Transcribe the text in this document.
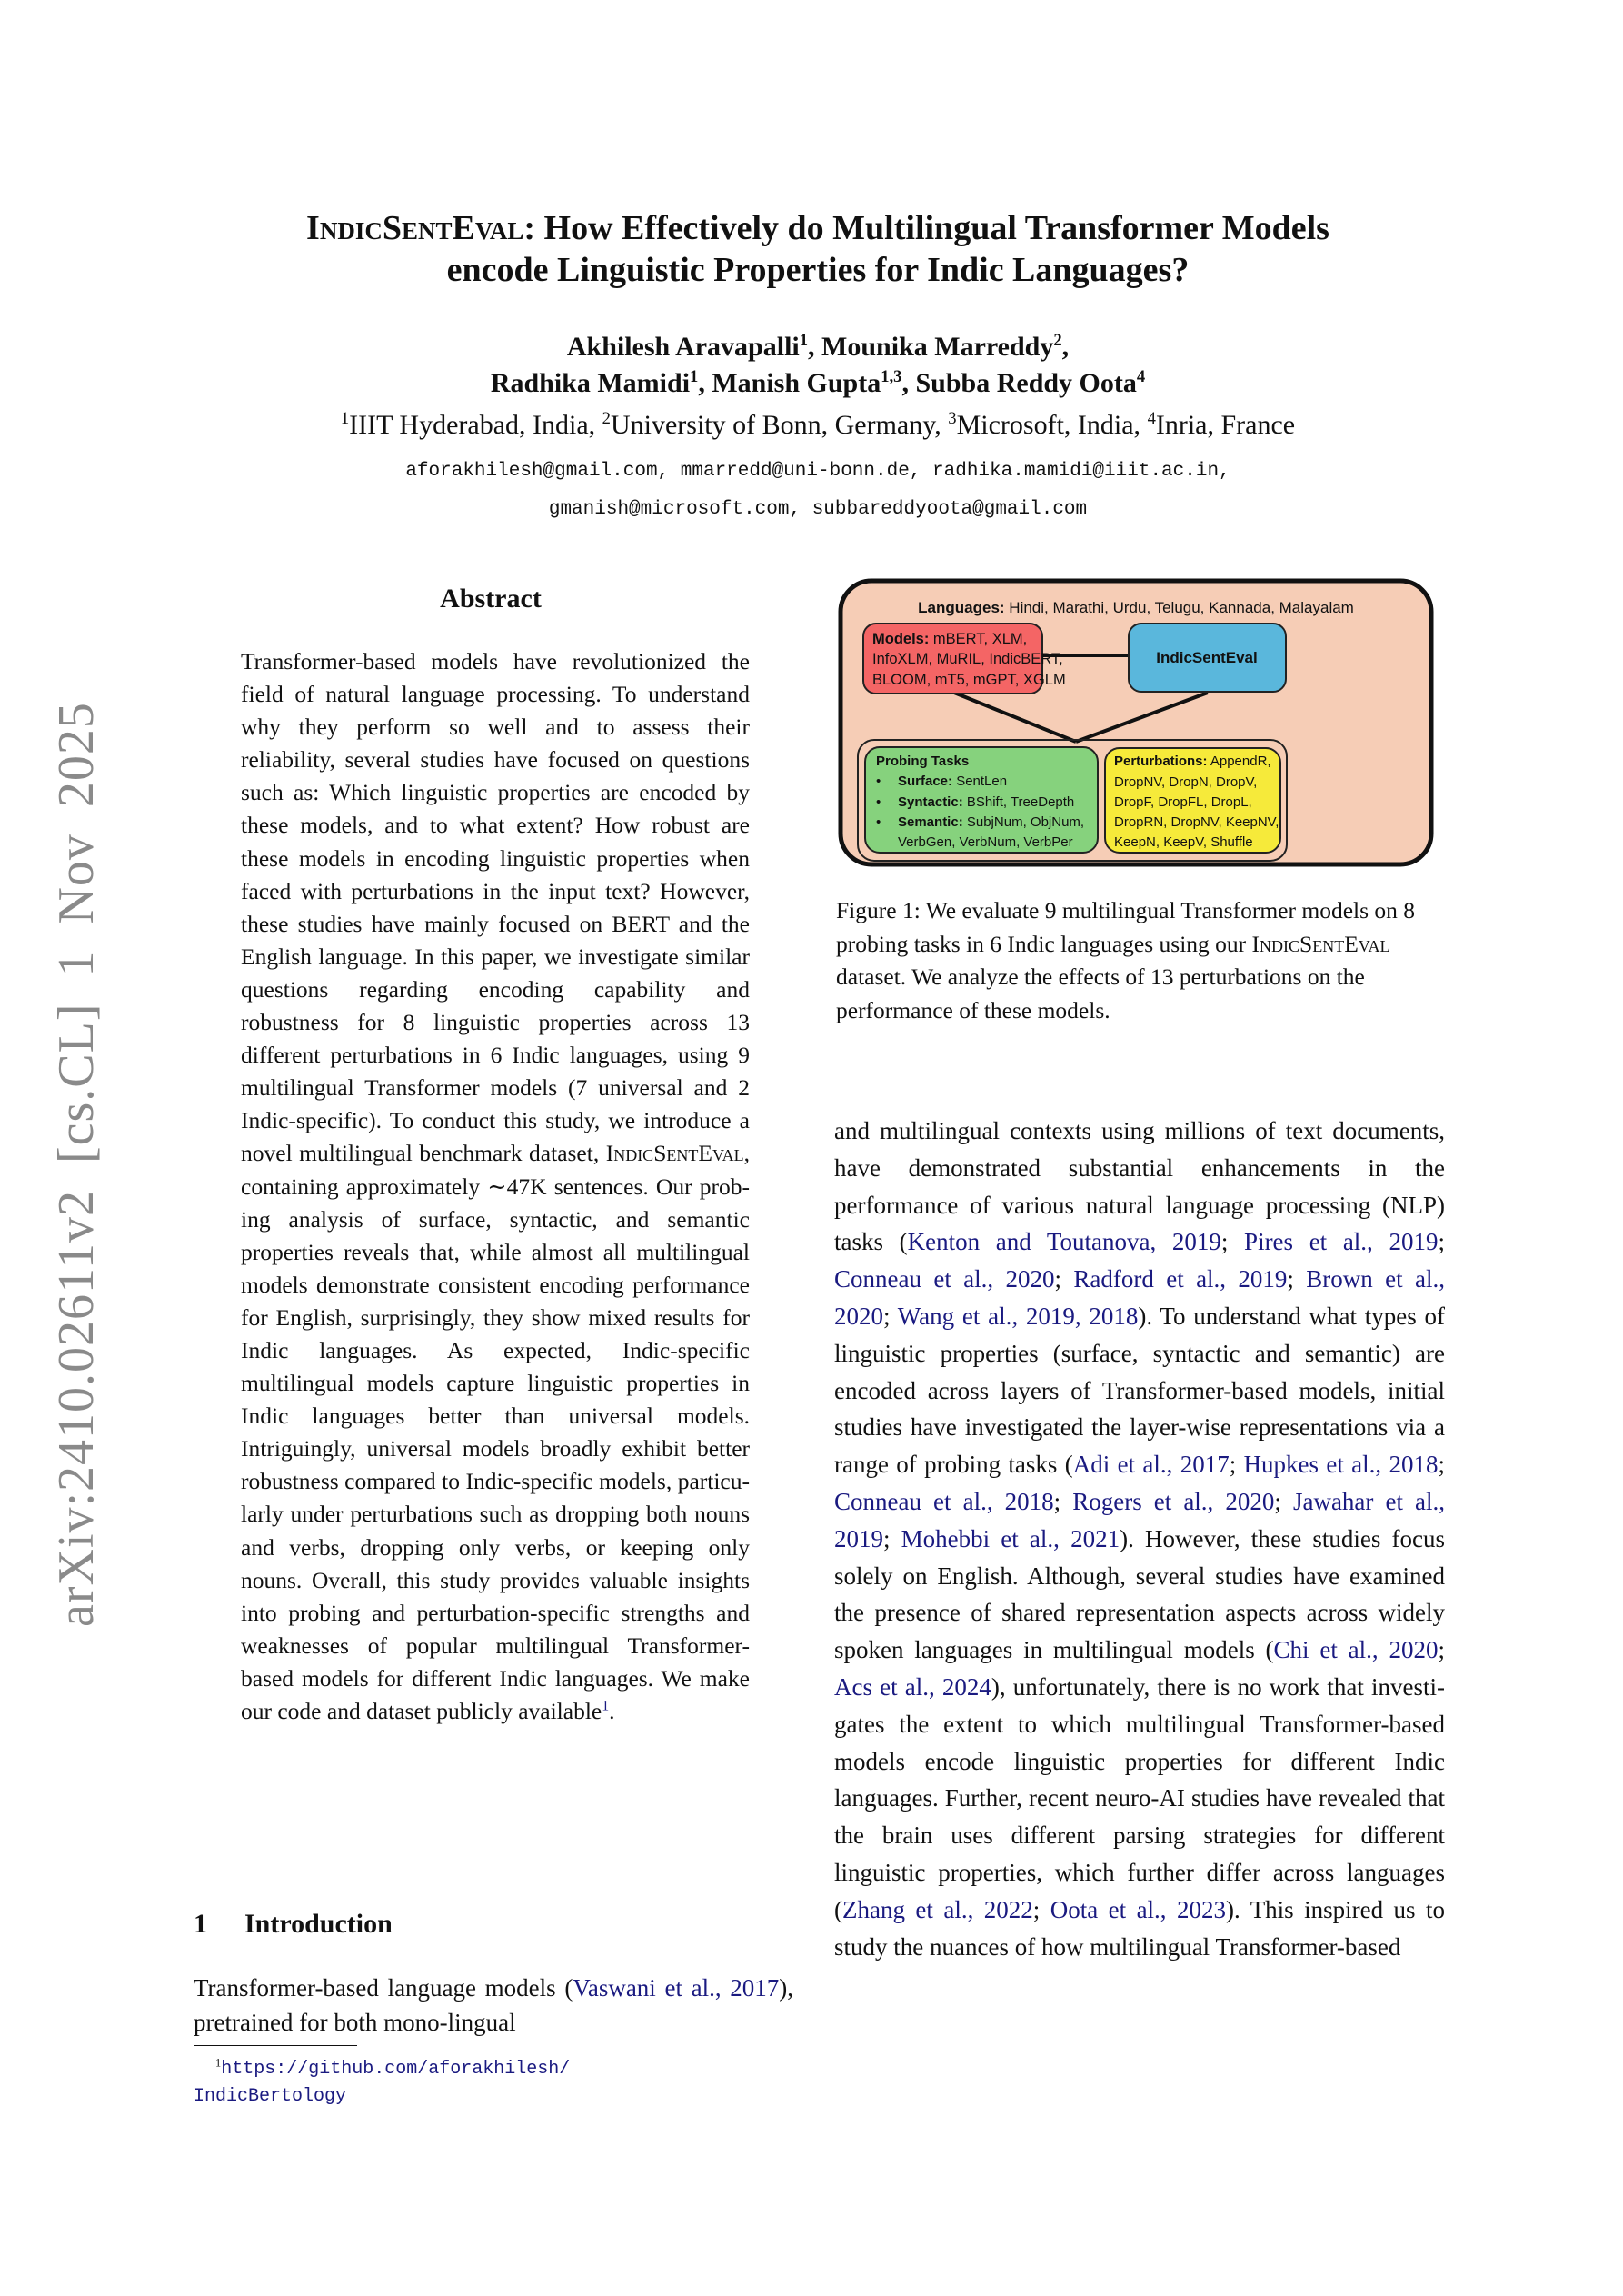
arXiv:2410.02611v2 [cs.CL] 1 Nov 2025
IndicSentEval: How Effectively do Multilingual Transformer Models
encode Linguistic Properties for Indic Languages?
Akhilesh Aravapalli$^1$, Mounika Marreddy$^2$,
Radhika Mamidi$^1$, Manish Gupta$^{1,3}$, Subba Reddy Oota$^4$
$^1$IIIT Hyderabad, India, $^2$University of Bonn, Germany, $^3$Microsoft, India, $^4$Inria, France
aforakhilesh@gmail.com, mmarredd@uni-bonn.de, radhika.mamidi@iiit.ac.in,
gmanish@microsoft.com, subbareddyoota@gmail.com
Abstract
Transformer-based models have revolutionized the field of natural language processing. To understand why they perform so well and to assess their reliability, several studies have focused on questions such as: Which linguistic properties are encoded by these models, and to what extent? How robust are these models in encoding linguistic properties when faced with perturbations in the input text? However, these studies have mainly focused on BERT and the English language. In this paper, we investigate similar questions regarding encoding capability and robustness for 8 linguistic properties across 13 different perturbations in 6 Indic languages, using 9 multilingual Transformer models (7 universal and 2 Indic-specific). To conduct this study, we introduce a novel multilingual benchmark dataset, IndicSentEval, containing approximately ∼47K sentences. Our probing analysis of surface, syntactic, and semantic properties reveals that, while almost all multilingual models demonstrate consistent encoding performance for English, surprisingly, they show mixed results for Indic languages. As expected, Indic-specific multilingual models capture linguistic properties in Indic languages better than universal models. Intriguingly, universal models broadly exhibit better robustness compared to Indic-specific models, particularly under perturbations such as dropping both nouns and verbs, dropping only verbs, or keeping only nouns. Overall, this study provides valuable insights into probing and perturbation-specific strengths and weaknesses of popular multilingual Transformer-based models for different Indic languages. We make our code and dataset publicly available$^1$.
1 Introduction
Transformer-based language models (Vaswani et al., 2017), pretrained for both mono-lingual
$^1$https://github.com/aforakhilesh/
IndicBertology
Languages: Hindi, Marathi, Urdu, Telugu, Kannada, Malayalam
Models: mBERT, XLM,
InfoXLM, MuRIL, IndicBERT,
BLOOM, mT5, mGPT, XGLM
IndicSentEval
Probing Tasks
• Surface: SentLen
• Syntactic: BShift, TreeDepth
• Semantic: SubjNum, ObjNum,
VerbGen, VerbNum, VerbPer
Perturbations: AppendR,
DropNV, DropN, DropV,
DropF, DropFL, DropL,
DropRN, DropNV, KeepNV,
KeepN, KeepV, Shuffle
Figure 1: We evaluate 9 multilingual Transformer models on 8 probing tasks in 6 Indic languages using our IndicSentEval dataset. We analyze the effects of 13 perturbations on the performance of these models.
and multilingual contexts using millions of text documents, have demonstrated substantial enhancements in the performance of various natural language processing (NLP) tasks (Kenton and Toutanova, 2019; Pires et al., 2019; Conneau et al., 2020; Radford et al., 2019; Brown et al., 2020; Wang et al., 2019, 2018). To understand what types of linguistic properties (surface, syntactic and semantic) are encoded across layers of Transformer-based models, initial studies have investigated the layer-wise representations via a range of probing tasks (Adi et al., 2017; Hupkes et al., 2018; Conneau et al., 2018; Rogers et al., 2020; Jawahar et al., 2019; Mohebbi et al., 2021). However, these studies focus solely on English. Although, several studies have examined the presence of shared representation aspects across widely spoken languages in multilingual models (Chi et al., 2020; Acs et al., 2024), unfortunately, there is no work that investigates the extent to which multilingual Transformer-based models encode linguistic properties for different Indic languages. Further, recent neuro-AI studies have revealed that the brain uses different parsing strategies for different linguistic properties, which further differ across languages (Zhang et al., 2022; Oota et al., 2023). This inspired us to study the nuances of how multilingual Transformer-based
